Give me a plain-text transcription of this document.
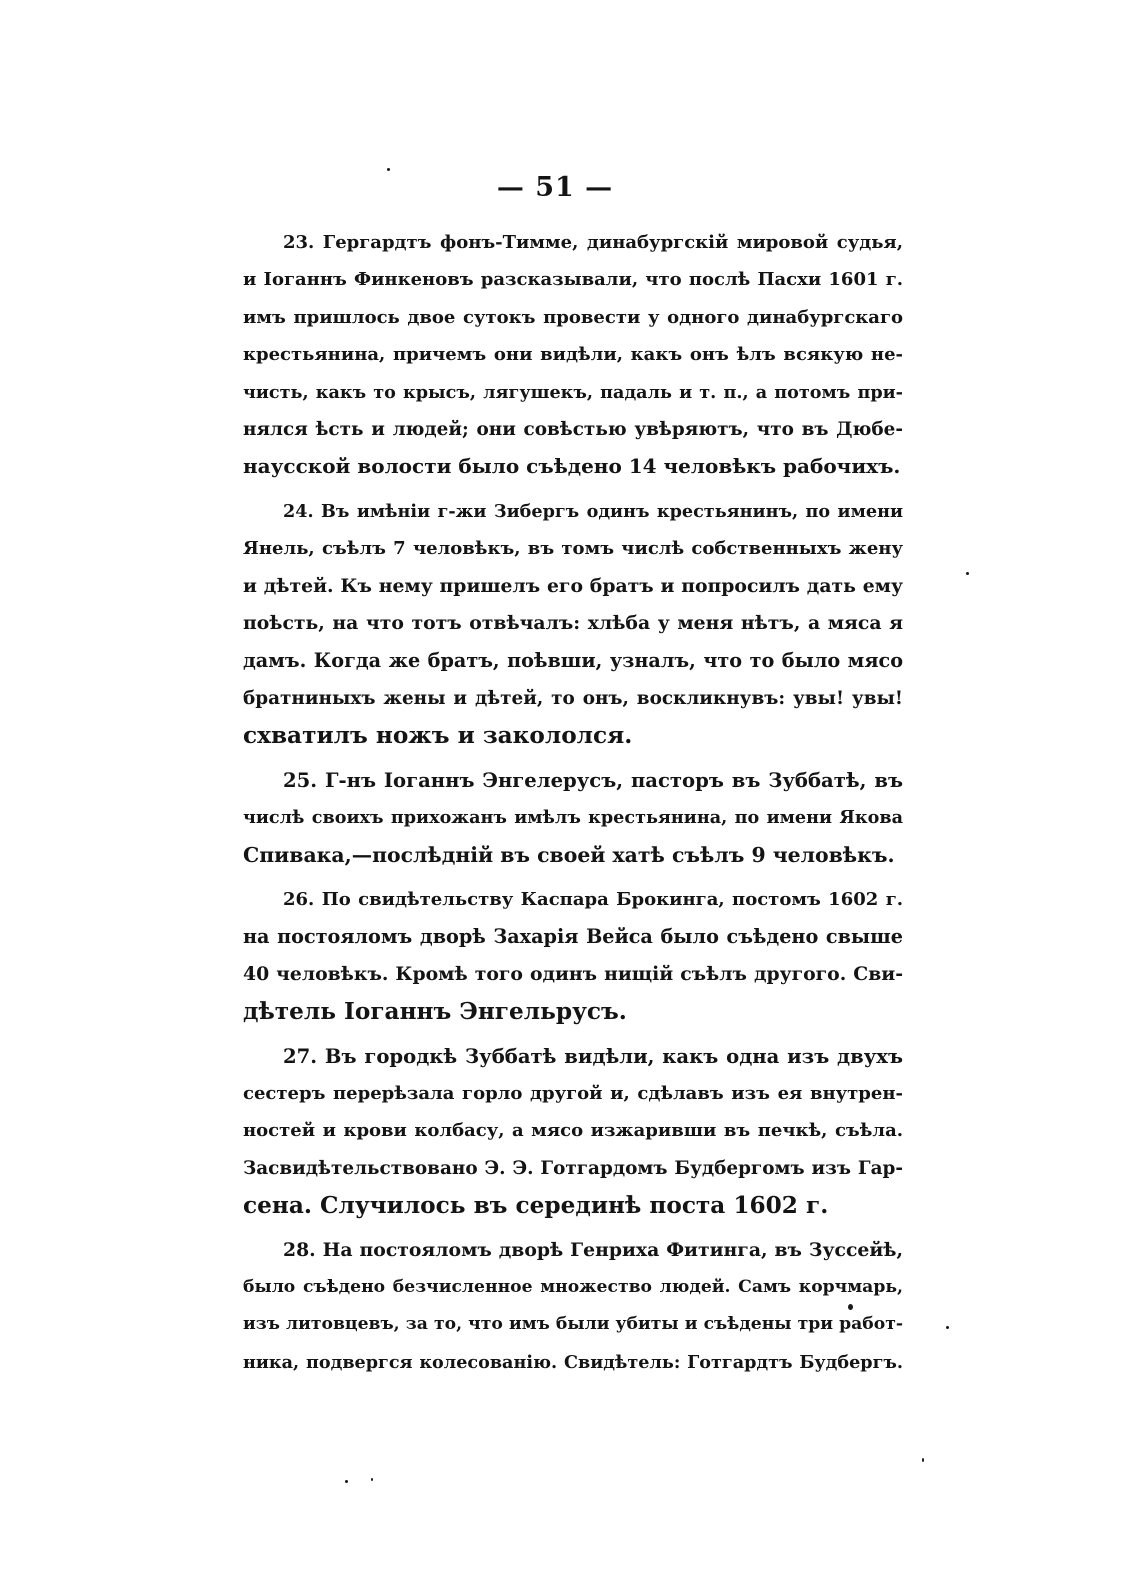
— 51 —

23. Гергардтъ фонъ-Тимме, динабургскій мировой судья,
и Іоганнъ Финкеновъ разсказывали, что послѣ Пасхи 1601 г.
имъ пришлось двое сутокъ провести у одного динабургскаго
крестьянина, причемъ они видѣли, какъ онъ ѣлъ всякую не-
чисть, какъ то крысъ, лягушекъ, падаль и т. п., а потомъ при-
нялся ѣсть и людей; они совѣстью увѣряютъ, что въ Дюбе-
наусской волости было съѣдено 14 человѣкъ рабочихъ.

24. Въ имѣніи г-жи Зибергъ одинъ крестьянинъ, по имени
Янель, съѣлъ 7 человѣкъ, въ томъ числѣ собственныхъ жену
и дѣтей. Къ нему пришелъ его братъ и попросилъ дать ему
поѣсть, на что тотъ отвѣчалъ: хлѣба у меня нѣтъ, а мяса я
дамъ. Когда же братъ, поѣвши, узналъ, что то было мясо
братниныхъ жены и дѣтей, то онъ, воскликнувъ: увы! увы!
схватилъ ножъ и закололся.

25. Г-нъ Іоганнъ Энгелерусъ, пасторъ въ Зуббатѣ, въ
числѣ своихъ прихожанъ имѣлъ крестьянина, по имени Якова
Спивака,—послѣдній въ своей хатѣ съѣлъ 9 человѣкъ.

26. По свидѣтельству Каспара Брокинга, постомъ 1602 г.
на постояломъ дворѣ Захарія Вейса было съѣдено свыше
40 человѣкъ. Кромѣ того одинъ нищій съѣлъ другого. Сви-
дѣтель Іоганнъ Энгельрусъ.

27. Въ городкѣ Зуббатѣ видѣли, какъ одна изъ двухъ
сестеръ перерѣзала горло другой и, сдѣлавъ изъ ея внутрен-
ностей и крови колбасу, а мясо изжаривши въ печкѣ, съѣла.
Засвидѣтельствовано Э. Э. Готгардомъ Будбергомъ изъ Гар-
сена. Случилось въ серединѣ поста 1602 г.

28. На постояломъ дворѣ Генриха Фитинга, въ Зуссейѣ,
было съѣдено безчисленное множество людей. Самъ корчмарь,
изъ литовцевъ, за то, что имъ были убиты и съѣдены три работ-
ника, подвергся колесованію. Свидѣтель: Готгардтъ Будбергъ.
